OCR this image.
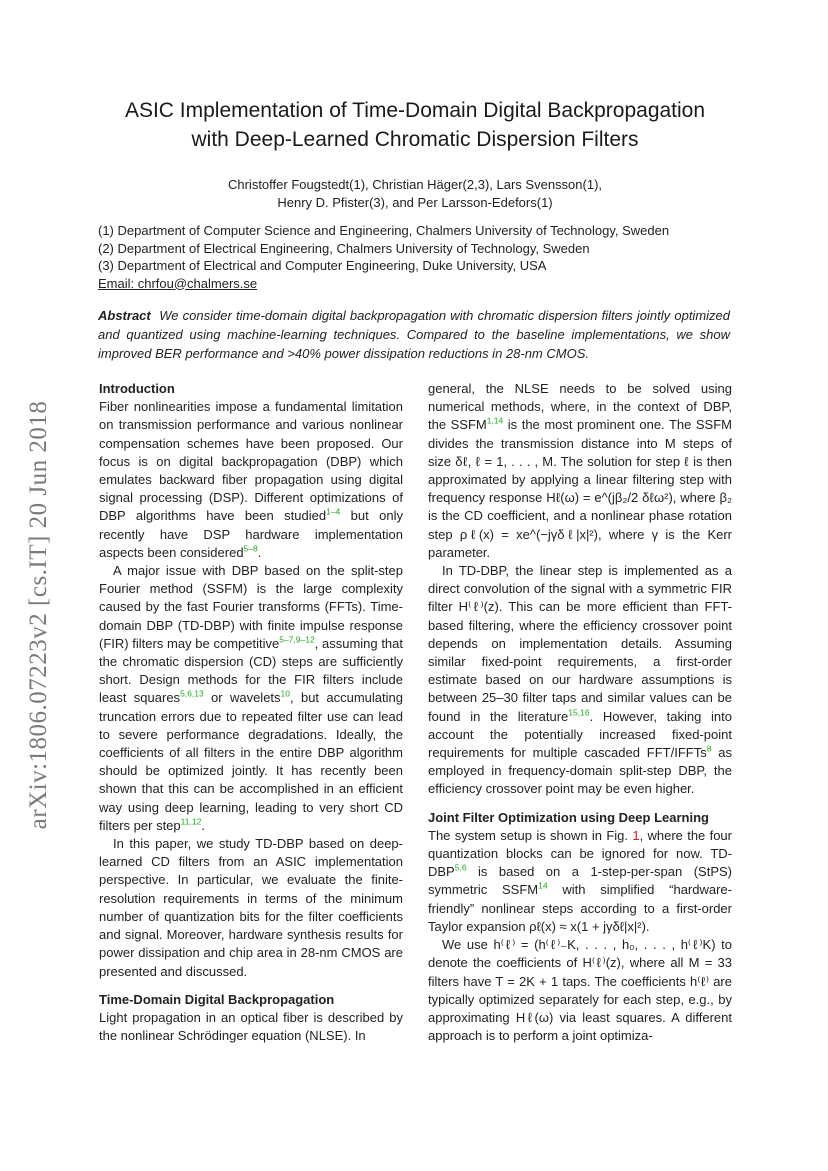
ASIC Implementation of Time-Domain Digital Backpropagation
with Deep-Learned Chromatic Dispersion Filters
Christoffer Fougstedt(1), Christian Häger(2,3), Lars Svensson(1),
Henry D. Pfister(3), and Per Larsson-Edefors(1)
(1) Department of Computer Science and Engineering, Chalmers University of Technology, Sweden
(2) Department of Electrical Engineering, Chalmers University of Technology, Sweden
(3) Department of Electrical and Computer Engineering, Duke University, USA
Email: chrfou@chalmers.se
Abstract We consider time-domain digital backpropagation with chromatic dispersion filters jointly optimized and quantized using machine-learning techniques. Compared to the baseline implementations, we show improved BER performance and >40% power dissipation reductions in 28-nm CMOS.
arXiv:1806.07223v2 [cs.IT] 20 Jun 2018
Introduction

Fiber nonlinearities impose a fundamental limitation on transmission performance and various nonlinear compensation schemes have been proposed. Our focus is on digital backpropagation (DBP) which emulates backward fiber propagation using digital signal processing (DSP). Different optimizations of DBP algorithms have been studied$^{1-4}$ but only recently have DSP hardware implementation aspects been considered$^{5-8}$.

A major issue with DBP based on the split-step Fourier method (SSFM) is the large complexity caused by the fast Fourier transforms (FFTs). Time-domain DBP (TD-DBP) with finite impulse response (FIR) filters may be competitive$^{5-7,9-12}$, assuming that the chromatic dispersion (CD) steps are sufficiently short. Design methods for the FIR filters include least squares$^{5,6,13}$ or wavelets$^{10}$, but accumulating truncation errors due to repeated filter use can lead to severe performance degradations. Ideally, the coefficients of all filters in the entire DBP algorithm should be optimized jointly. It has recently been shown that this can be accomplished in an efficient way using deep learning, leading to very short CD filters per step$^{11,12}$.

In this paper, we study TD-DBP based on deep-learned CD filters from an ASIC implementation perspective. In particular, we evaluate the finite-resolution requirements in terms of the minimum number of quantization bits for the filter coefficients and signal. Moreover, hardware synthesis results for power dissipation and chip area in 28-nm CMOS are presented and discussed.

Time-Domain Digital Backpropagation

Light propagation in an optical fiber is described by the nonlinear Schrödinger equation (NLSE). In

general, the NLSE needs to be solved using numerical methods, where, in the context of DBP, the SSFM$^{1,14}$ is the most prominent one. The SSFM divides the transmission distance into M steps of size δℓ, ℓ = 1, . . . , M. The solution for step ℓ is then approximated by applying a linear filtering step with frequency response Hℓ(ω) = e^(jβ₂/2 δℓω²), where β₂ is the CD coefficient, and a nonlinear phase rotation step ρℓ(x) = xe^(−jγδℓ|x|²), where γ is the Kerr parameter.

In TD-DBP, the linear step is implemented as a direct convolution of the signal with a symmetric FIR filter H⁽ℓ⁾(z). This can be more efficient than FFT-based filtering, where the efficiency crossover point depends on implementation details. Assuming similar fixed-point requirements, a first-order estimate based on our hardware assumptions is between 25–30 filter taps and similar values can be found in the literature$^{15,16}$. However, taking into account the potentially increased fixed-point requirements for multiple cascaded FFT/IFFTs$^8$ as employed in frequency-domain split-step DBP, the efficiency crossover point may be even higher.

Joint Filter Optimization using Deep Learning

The system setup is shown in Fig. 1, where the four quantization blocks can be ignored for now. TD-DBP$^{5,6}$ is based on a 1-step-per-span (StPS) symmetric SSFM$^{14}$ with simplified “hardware-friendly” nonlinear steps according to a first-order Taylor expansion ρℓ(x) ≈ x(1 + jγδℓ|x|²).

We use h⁽ℓ⁾ = (h⁽ℓ⁾₋K, . . . , h₀, . . . , h⁽ℓ⁾K) to denote the coefficients of H⁽ℓ⁾(z), where all M = 33 filters have T = 2K + 1 taps. The coefficients h⁽ℓ⁾ are typically optimized separately for each step, e.g., by approximating Hℓ(ω) via least squares. A different approach is to perform a joint optimiza-
